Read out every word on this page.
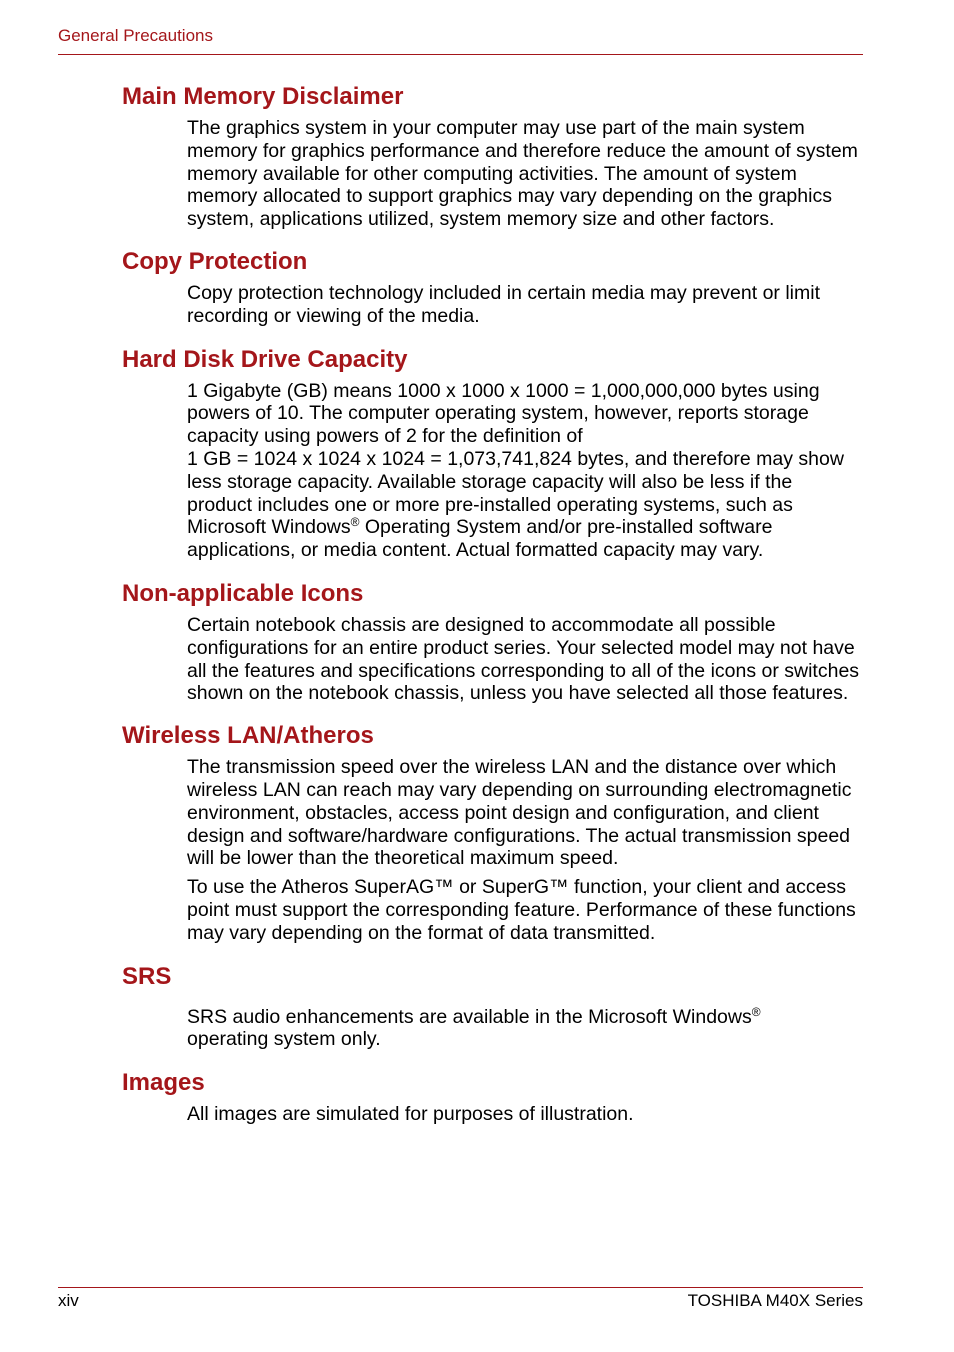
General Precautions
Main Memory Disclaimer

The graphics system in your computer may use part of the main system memory for graphics performance and therefore reduce the amount of system memory available for other computing activities. The amount of system memory allocated to support graphics may vary depending on the graphics system, applications utilized, system memory size and other factors.

Copy Protection

Copy protection technology included in certain media may prevent or limit recording or viewing of the media.

Hard Disk Drive Capacity

1 Gigabyte (GB) means 1000 x 1000 x 1000 = 1,000,000,000 bytes using powers of 10. The computer operating system, however, reports storage capacity using powers of 2 for the definition of
1 GB = 1024 x 1024 x 1024 = 1,073,741,824 bytes, and therefore may show less storage capacity. Available storage capacity will also be less if the product includes one or more pre-installed operating systems, such as Microsoft Windows® Operating System and/or pre-installed software applications, or media content. Actual formatted capacity may vary.

Non-applicable Icons

Certain notebook chassis are designed to accommodate all possible configurations for an entire product series. Your selected model may not have all the features and specifications corresponding to all of the icons or switches shown on the notebook chassis, unless you have selected all those features.

Wireless LAN/Atheros

The transmission speed over the wireless LAN and the distance over which wireless LAN can reach may vary depending on surrounding electromagnetic environment, obstacles, access point design and configuration, and client design and software/hardware configurations. The actual transmission speed will be lower than the theoretical maximum speed.

To use the Atheros SuperAG™ or SuperG™ function, your client and access point must support the corresponding feature. Performance of these functions may vary depending on the format of data transmitted.

SRS

SRS audio enhancements are available in the Microsoft Windows®
operating system only.

Images

All images are simulated for purposes of illustration.

xiv	TOSHIBA M40X Series
